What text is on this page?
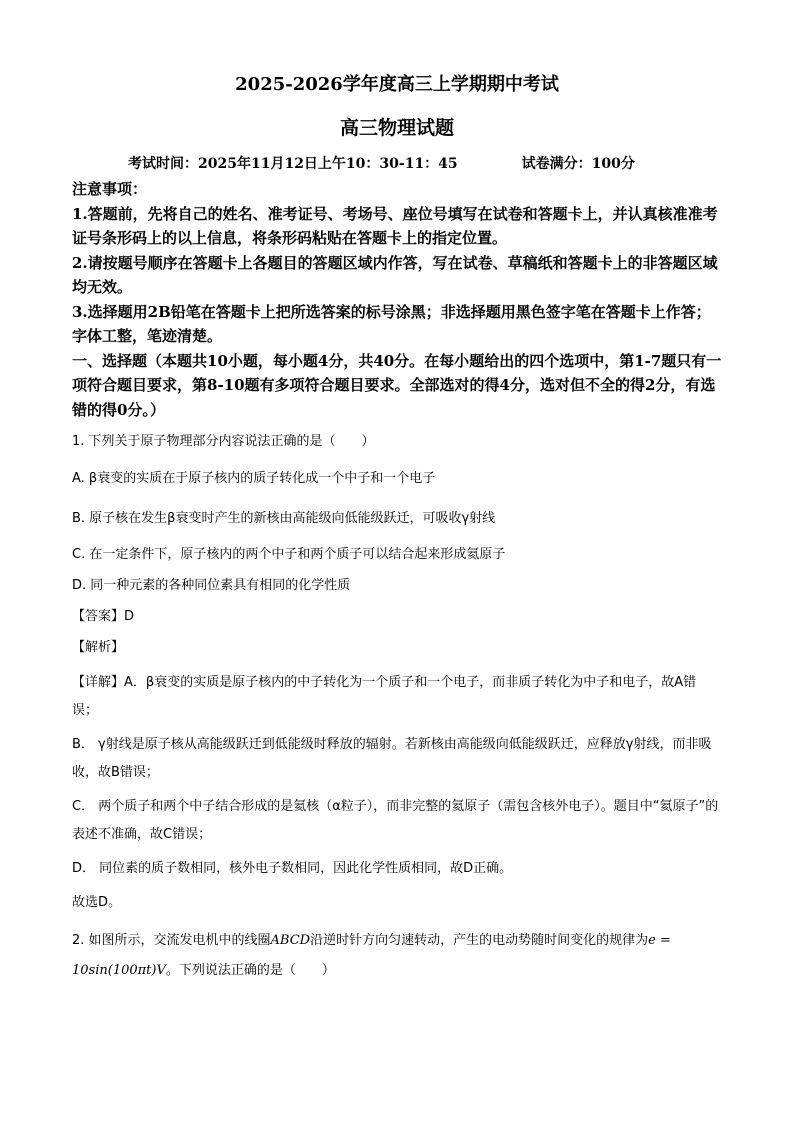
2025-2026学年度高三上学期期中考试
高三物理试题
考试时间：2025年11月12日上午10：30-11：45	试卷满分：100分
注意事项：
1.答题前，先将自己的姓名、准考证号、考场号、座位号填写在试卷和答题卡上，并认真核准准考证号条形码上的以上信息，将条形码粘贴在答题卡上的指定位置。
2.请按题号顺序在答题卡上各题目的答题区域内作答，写在试卷、草稿纸和答题卡上的非答题区域均无效。
3.选择题用2B铅笔在答题卡上把所选答案的标号涂黑；非选择题用黑色签字笔在答题卡上作答；字体工整，笔迹清楚。
一、选择题（本题共10小题，每小题4分，共40分。在每小题给出的四个选项中，第1-7题只有一项符合题目要求，第8-10题有多项符合题目要求。全部选对的得4分，选对但不全的得2分，有选错的得0分。）
1. 下列关于原子物理部分内容说法正确的是（　　）
A. β衰变的实质在于原子核内的质子转化成一个中子和一个电子
B. 原子核在发生β衰变时产生的新核由高能级向低能级跃迁，可吸收γ射线
C. 在一定条件下，原子核内的两个中子和两个质子可以结合起来形成氦原子
D. 同一种元素的各种同位素具有相同的化学性质
【答案】D
【解析】

【详解】A．β衰变的实质是原子核内的中子转化为一个质子和一个电子，而非质子转化为中子和电子，故A错误；

B． γ射线是原子核从高能级跃迁到低能级时释放的辐射。若新核由高能级向低能级跃迁，应释放γ射线，而非吸收，故B错误；

C． 两个质子和两个中子结合形成的是氦核（α粒子），而非完整的氦原子（需包含核外电子）。题目中“氦原子”的表述不准确，故C错误；

D． 同位素的质子数相同，核外电子数相同，因此化学性质相同，故D正确。

故选D。

2. 如图所示，交流发电机中的线圈ABCD沿逆时针方向匀速转动，产生的电动势随时间变化的规律为e = 10sin(100πt)V。下列说法正确的是（　　）
